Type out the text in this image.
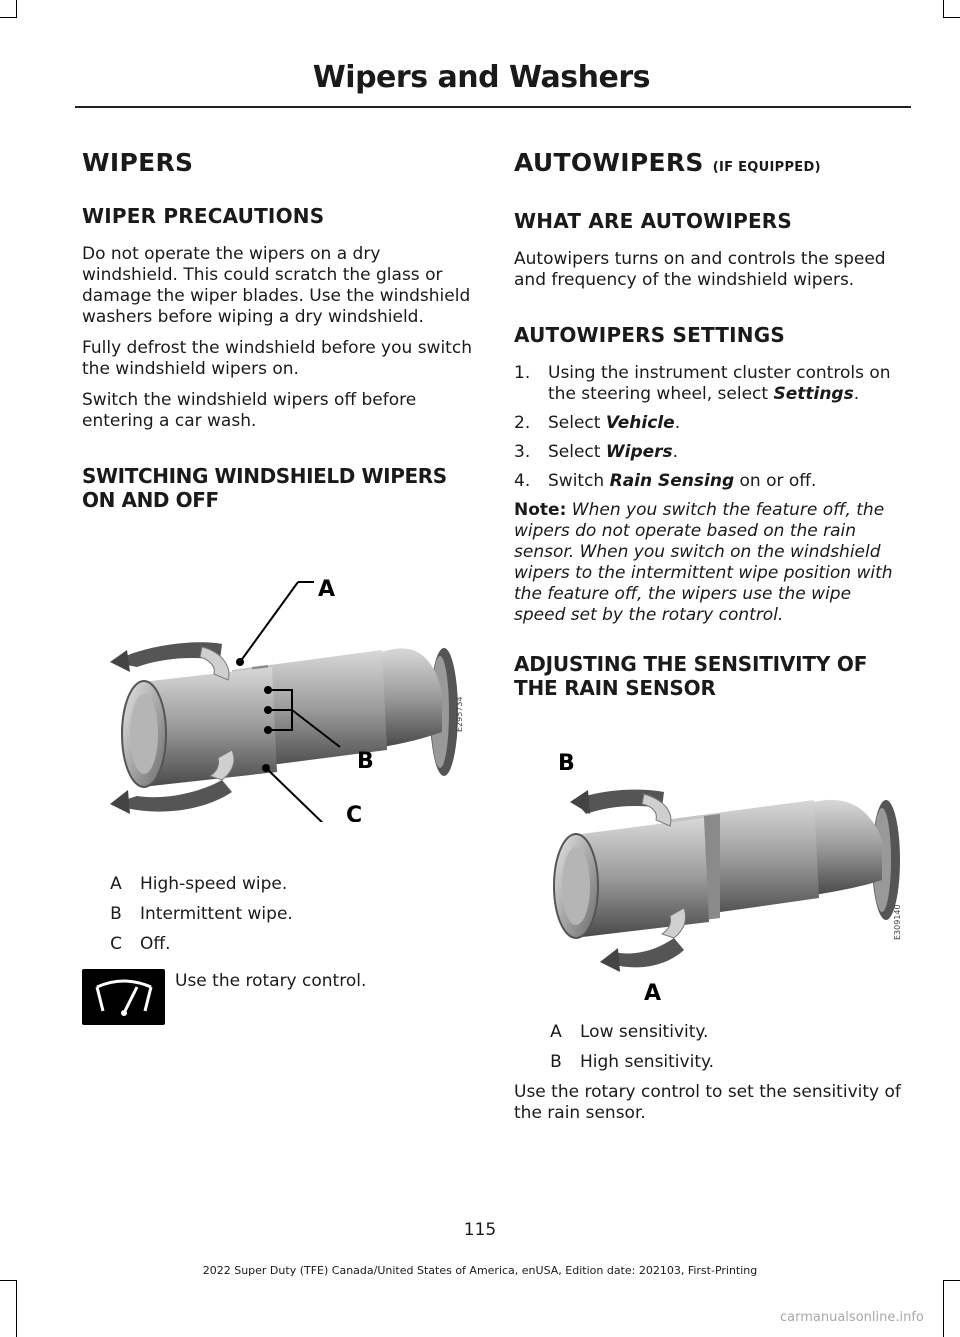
Wipers and Washers
WIPERS
WIPER PRECAUTIONS

Do not operate the wipers on a dry windshield. This could scratch the glass or damage the wiper blades. Use the windshield washers before wiping a dry windshield.

Fully defrost the windshield before you switch the windshield wipers on.

Switch the windshield wipers off before entering a car wash.

SWITCHING WINDSHIELD WIPERS ON AND OFF
A
B
C
E295734
A	High-speed wipe.
B	Intermittent wipe.
C	Off.
Use the rotary control.
AUTOWIPERS (IF EQUIPPED)
WHAT ARE AUTOWIPERS

Autowipers turns on and controls the speed and frequency of the windshield wipers.

AUTOWIPERS SETTINGS
1.	Using the instrument cluster controls on the steering wheel, select Settings.
2.	Select Vehicle.
3.	Select Wipers.
4.	Switch Rain Sensing on or off.

Note: When you switch the feature off, the wipers do not operate based on the rain sensor. When you switch on the windshield wipers to the intermittent wipe position with the feature off, the wipers use the wipe speed set by the rotary control.

ADJUSTING THE SENSITIVITY OF THE RAIN SENSOR
B
A
E309140
A	Low sensitivity.
B	High sensitivity.

Use the rotary control to set the sensitivity of the rain sensor.

115
2022 Super Duty (TFE) Canada/United States of America, enUSA, Edition date: 202103, First-Printing
carmanualsonline.info
